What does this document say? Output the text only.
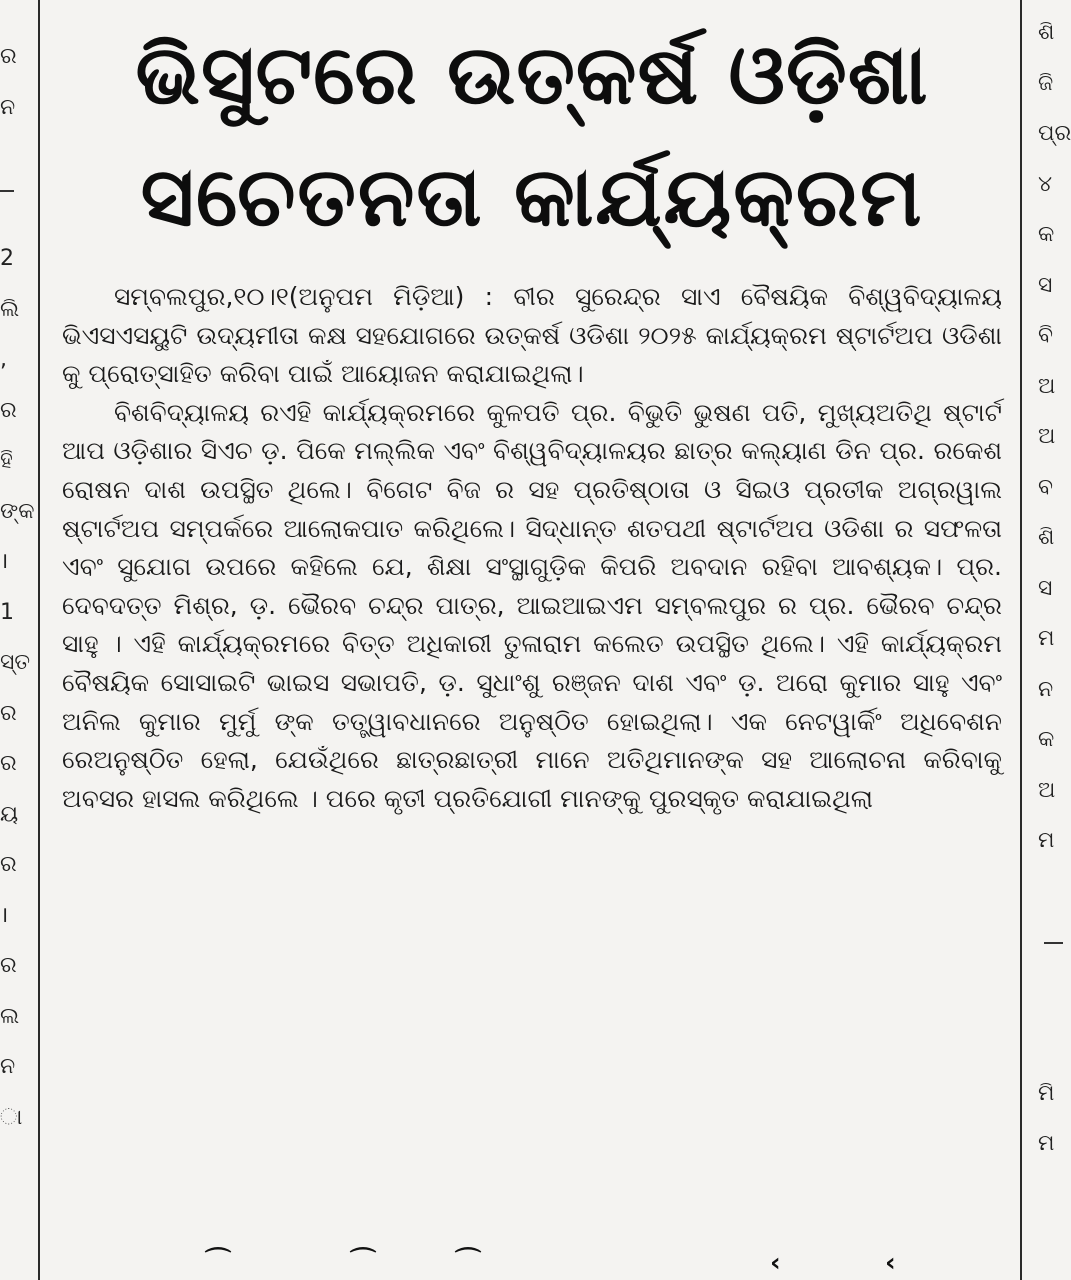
ର
ନ
2
ଲି
,
ର
ହି
ଙ୍କ
।
1
ସ୍ତ
ର
ର
ୟ
ର
।
ର
ଲ
ନ
ା
ଶି
ଜି
ପ୍ର
୪
କ
ସ
ବି
ଅ
ଅ
ବ
ଶି
ସ
ମ
ନ
କ
ଅ
ମ
ମି
ମ
ଭିସୁଟରେ ଉତ୍କର୍ଷ ଓଡ଼ିଶା
ସଚେତନତା କାର୍ଯ୍ୟକ୍ରମ

ସମ୍ବଲପୁର,୧୦।୧(ଅନୁପମ ମିଡ଼ିଆ) : ବୀର ସୁରେନ୍ଦ୍ର ସାଏ ବୈଷୟିକ ବିଶ୍ୱବିଦ୍ୟାଳୟ ଭିଏସଏସୟୁଟି ଉଦ୍ୟମୀତା କକ୍ଷ ସହଯୋଗରେ ଉତ୍କର୍ଷ ଓଡିଶା ୨୦୨୫ କାର୍ଯ୍ୟକ୍ରମ ଷ୍ଟାର୍ଟଅପ ଓଡିଶା କୁ ପ୍ରୋତ୍ସାହିତ କରିବା ପାଇଁ ଆୟୋଜନ କରାଯାଇଥିଲା।

ବିଶବିଦ୍ୟାଳୟ ରଏହି କାର୍ଯ୍ୟକ୍ରମରେ କୁଳପତି ପ୍ର. ବିଭୁତି ଭୁଷଣ ପତି, ମୁଖ୍ୟଅତିଥି ଷ୍ଟାର୍ଟ ଆପ ଓଡ଼ିଶାର ସିଏଚ ଡ଼. ପିକେ ମଲ୍ଲିକ ଏବଂ ବିଶ୍ୱବିଦ୍ୟାଳୟର ଛାତ୍ର କଲ୍ୟାଣ ଡିନ ପ୍ର. ରକେଶ ରୋଷନ ଦାଶ ଉପସ୍ଥିତ ଥିଲେ। ବିଗେଟ ବିଜ ର ସହ ପ୍ରତିଷ୍ଠାତା ଓ ସିଇଓ ପ୍ରତୀକ ଅଗ୍ରୱାଲ ଷ୍ଟାର୍ଟଅପ ସମ୍ପର୍କରେ ଆଲୋକପାତ କରିଥିଲେ। ସିଦ୍ଧାନ୍ତ ଶତପଥୀ ଷ୍ଟାର୍ଟଅପ ଓଡିଶା ର ସଫଳତା ଏବଂ ସୁଯୋଗ ଉପରେ କହିଲେ ଯେ, ଶିକ୍ଷା ସଂସ୍ଥାଗୁଡ଼ିକ କିପରି ଅବଦାନ ରହିବା ଆବଶ୍ୟକ। ପ୍ର. ଦେବଦତ୍ତ ମିଶ୍ର, ଡ଼. ଭୈରବ ଚନ୍ଦ୍ର ପାତ୍ର, ଆଇଆଇଏମ ସମ୍ବଲପୁର ର ପ୍ର. ଭୈରବ ଚନ୍ଦ୍ର ସାହୁ । ଏହି କାର୍ଯ୍ୟକ୍ରମରେ ବିତ୍ତ ଅଧିକାରୀ ତୁଳାରାମ କଲେତ ଉପସ୍ଥିତ ଥିଲେ। ଏହି କାର୍ଯ୍ୟକ୍ରମ ବୈଷୟିକ ସୋସାଇଟି ଭାଇସ ସଭାପତି, ଡ଼. ସୁଧାଂଶୁ ରଞ୍ଜନ ଦାଶ ଏବଂ ଡ଼. ଅରୋ କୁମାର ସାହୁ ଏବଂ ଅନିଲ କୁମାର ମୁର୍ମୁ ଙ୍କ ତତ୍ତ୍ୱାବଧାନରେ ଅନୁଷ୍ଠିତ ହୋଇଥିଲା। ଏକ ନେଟୱାର୍କିଂ ଅଧିବେଶନ ରେଅନୁଷ୍ଠିତ ହେଲା, ଯେଉଁଥିରେ ଛାତ୍ରଛାତ୍ରୀ ମାନେ ଅତିଥିମାନଙ୍କ ସହ ଆଲୋଚନା କରିବାକୁ ଅବସର ହାସଲ କରିଥିଲେ । ପରେ କୃତୀ ପ୍ରତିଯୋଗୀ ମାନଙ୍କୁ ପୁରସ୍କୃତ କରାଯାଇଥିଲା

⌒	⌒	⌒	‹	‹
